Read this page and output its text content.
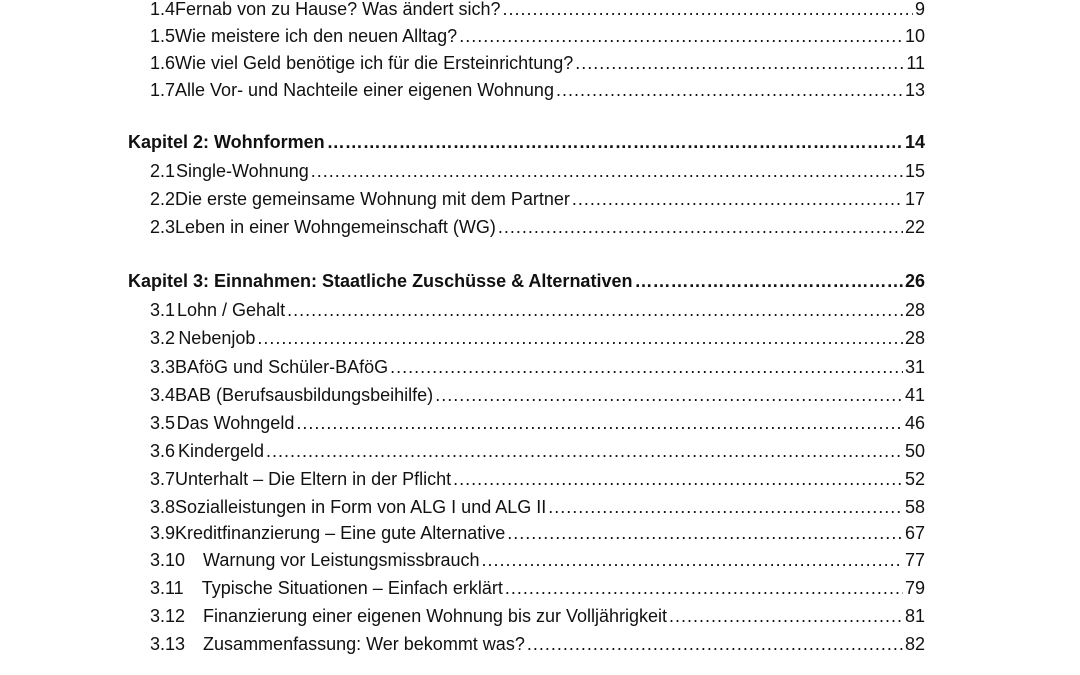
1.4 Fernab von zu Hause? Was ändert sich? .....	9
1.5 Wie meistere ich den neuen Alltag? .....	10
1.6 Wie viel Geld benötige ich für die Ersteinrichtung? .....	11
1.7 Alle Vor- und Nachteile einer eigenen Wohnung .....	13
Kapitel 2: Wohnformen ……………………………………………………………………………………………………………………………………………………	14
2.1 Single-Wohnung .....	15
2.2 Die erste gemeinsame Wohnung mit dem Partner .....	17
2.3 Leben in einer Wohngemeinschaft (WG) .....	22
Kapitel 3: Einnahmen: Staatliche Zuschüsse & Alternativen ……………………………………………………………………………………………………………………………………………………	26
3.1 Lohn / Gehalt .....	28
3.2 Nebenjob .....	28
3.3 BAföG und Schüler-BAföG .....	31
3.4 BAB (Berufsausbildungsbeihilfe) .....	41
3.5 Das Wohngeld .....	46
3.6 Kindergeld .....	50
3.7 Unterhalt – Die Eltern in der Pflicht .....	52
3.8 Sozialleistungen in Form von ALG I und ALG II .....	58
3.9 Kreditfinanzierung – Eine gute Alternative .....	67
3.10 Warnung vor Leistungsmissbrauch .....	77
3.11 Typische Situationen – Einfach erklärt .....	79
3.12 Finanzierung einer eigenen Wohnung bis zur Volljährigkeit .....	81
3.13 Zusammenfassung: Wer bekommt was? .....	82
